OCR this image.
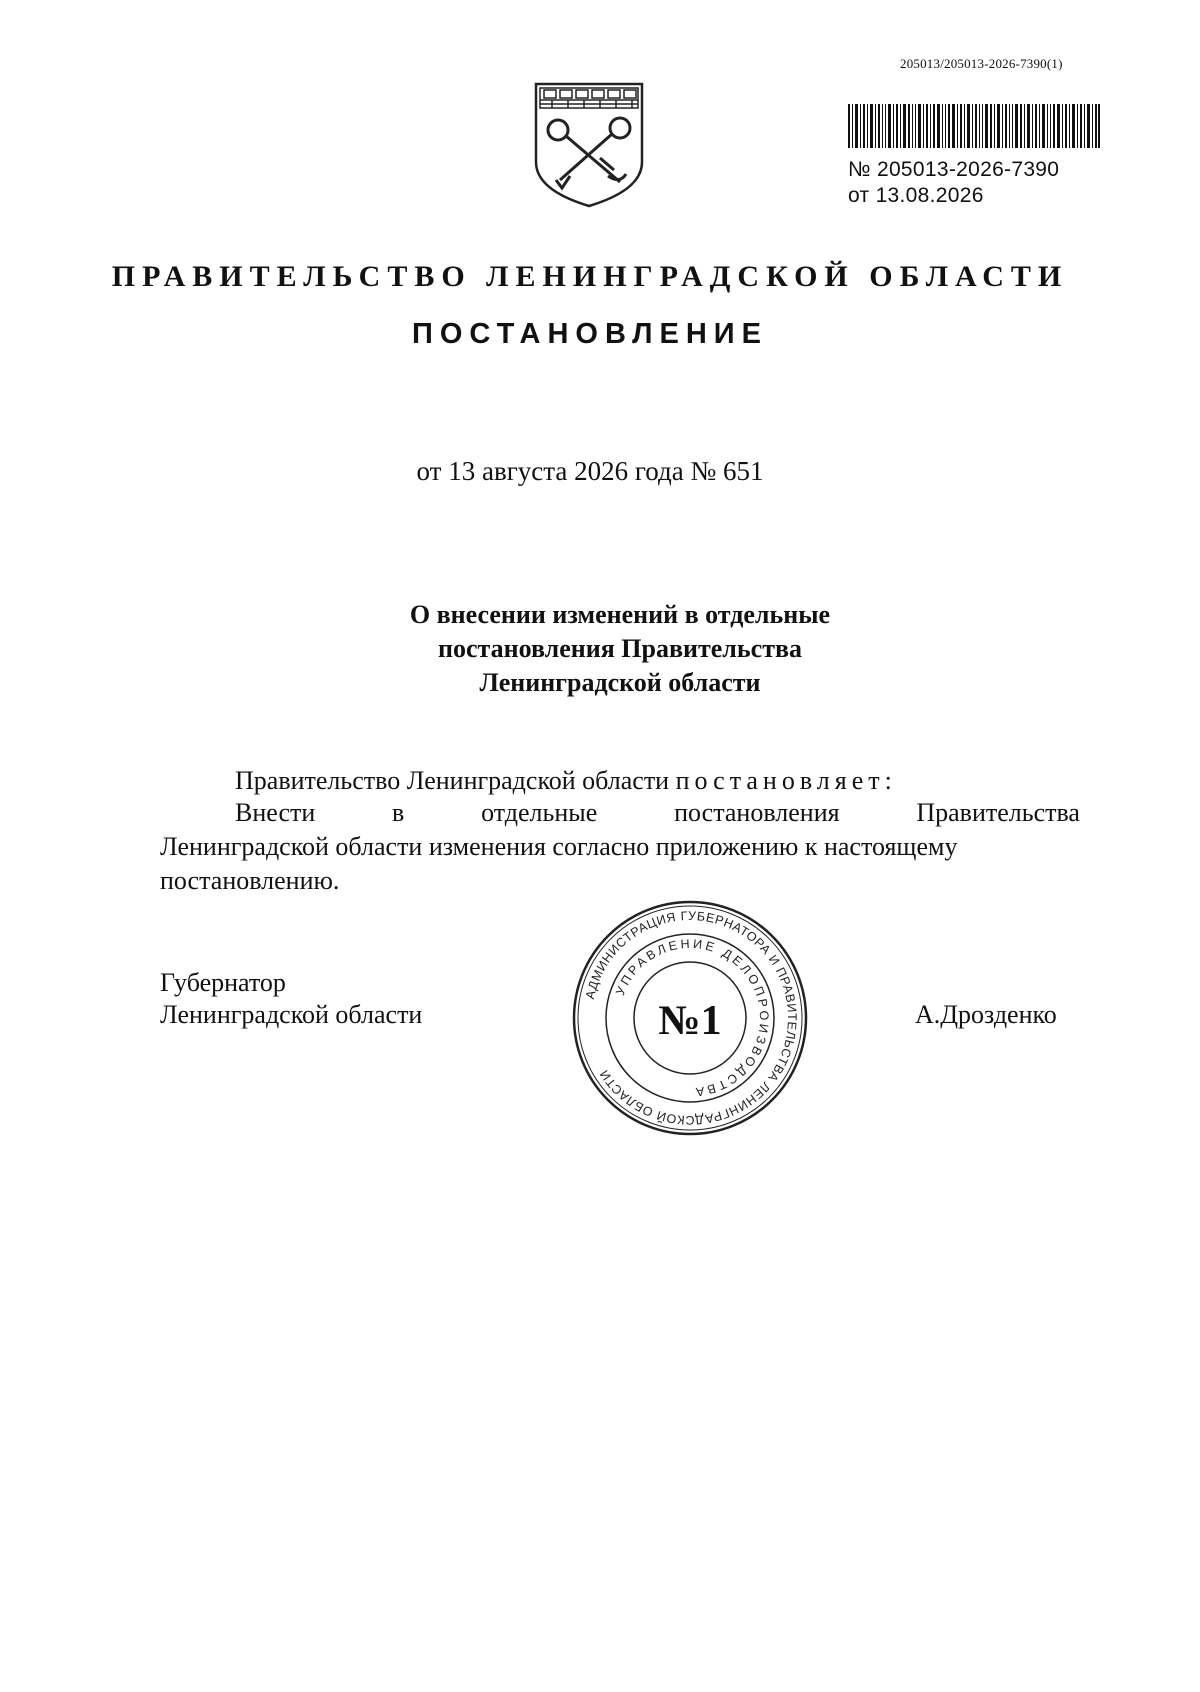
205013/205013-2026-7390(1)
№ 205013-2026-7390
от 13.08.2026
ПРАВИТЕЛЬСТВО ЛЕНИНГРАДСКОЙ ОБЛАСТИ
ПОСТАНОВЛЕНИЕ
от 13 августа 2026 года № 651
О внесении изменений в отдельные
постановления Правительства
Ленинградской области
Правительство Ленинградской области постановляет:
Внести	в	отдельные	постановления	Правительства
Ленинградской области изменения согласно приложению к настоящему
постановлению.
Губернатор
Ленинградской области	А.Дрозденко
АДМИНИСТРАЦИЯ ГУБЕРНАТОРА И ПРАВИТЕЛЬСТВА ЛЕНИНГРАДСКОЙ ОБЛАСТИ
УПРАВЛЕНИЕ ДЕЛОПРОИЗВОДСТВА
№1
